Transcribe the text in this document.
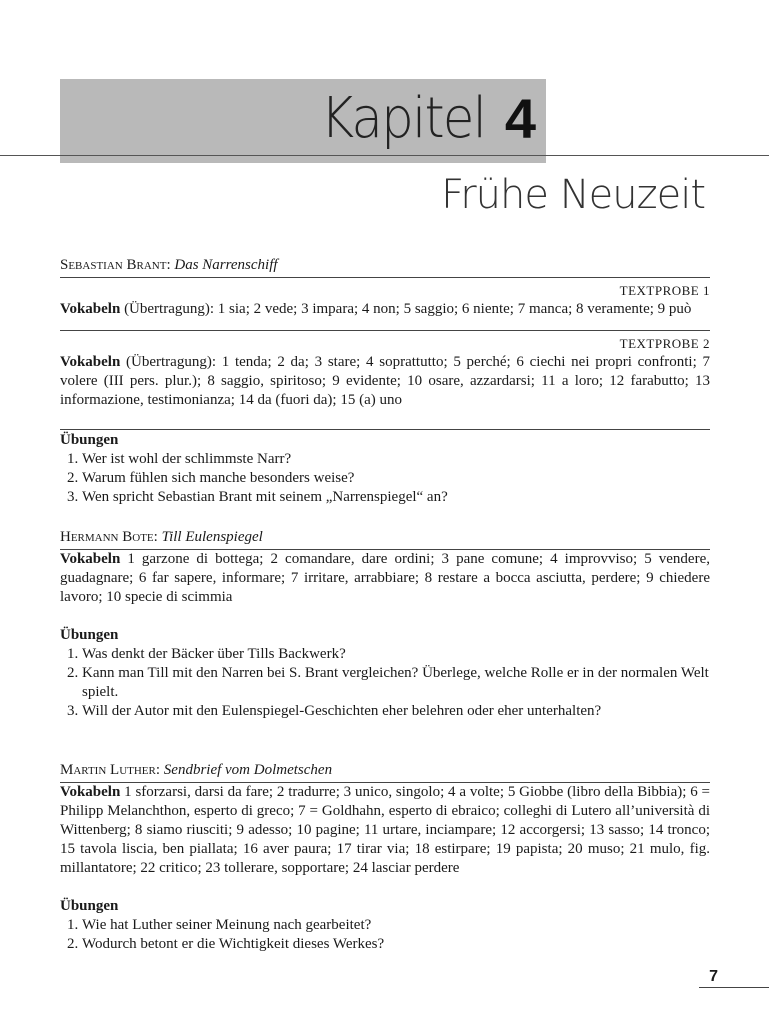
Kapitel 4
Frühe Neuzeit
Sebastian Brant: Das Narrenschiff
TEXTPROBE 1
Vokabeln (Übertragung): 1 sia; 2 vede; 3 impara; 4 non; 5 saggio; 6 niente; 7 manca; 8 veramente; 9 può
TEXTPROBE 2
Vokabeln (Übertragung): 1 tenda; 2 da; 3 stare; 4 soprattutto; 5 perché; 6 ciechi nei propri confronti; 7 volere (III pers. plur.); 8 saggio, spiritoso; 9 evidente; 10 osare, azzardarsi; 11 a loro; 12 farabutto; 13 informazione, testimonianza; 14 da (fuori da); 15 (a) uno
Übungen
1. Wer ist wohl der schlimmste Narr?
2. Warum fühlen sich manche besonders weise?
3. Wen spricht Sebastian Brant mit seinem „Narrenspiegel“ an?
Hermann Bote: Till Eulenspiegel
Vokabeln 1 garzone di bottega; 2 comandare, dare ordini; 3 pane comune; 4 improvviso; 5 vendere, guadagnare; 6 far sapere, informare; 7 irritare, arrabbiare; 8 restare a bocca asciutta, perdere; 9 chiedere lavoro; 10 specie di scimmia
Übungen
1. Was denkt der Bäcker über Tills Backwerk?
2. Kann man Till mit den Narren bei S. Brant vergleichen? Überlege, welche Rolle er in der normalen Welt spielt.
3. Will der Autor mit den Eulenspiegel-Geschichten eher belehren oder eher unterhalten?
Martin Luther: Sendbrief vom Dolmetschen
Vokabeln 1 sforzarsi, darsi da fare; 2 tradurre; 3 unico, singolo; 4 a volte; 5 Giobbe (libro della Bibbia); 6 = Philipp Melanchthon, esperto di greco; 7 = Goldhahn, esperto di ebraico; colleghi di Lutero all’università di Wittenberg; 8 siamo riusciti; 9 adesso; 10 pagine; 11 urtare, inciampare; 12 accorgersi; 13 sasso; 14 tronco; 15 tavola liscia, ben piallata; 16 aver paura; 17 tirar via; 18 estirpare; 19 papista; 20 muso; 21 mulo, fig. millantatore; 22 critico; 23 tollerare, sopportare; 24 lasciar perdere
Übungen
1. Wie hat Luther seiner Meinung nach gearbeitet?
2. Wodurch betont er die Wichtigkeit dieses Werkes?
7
